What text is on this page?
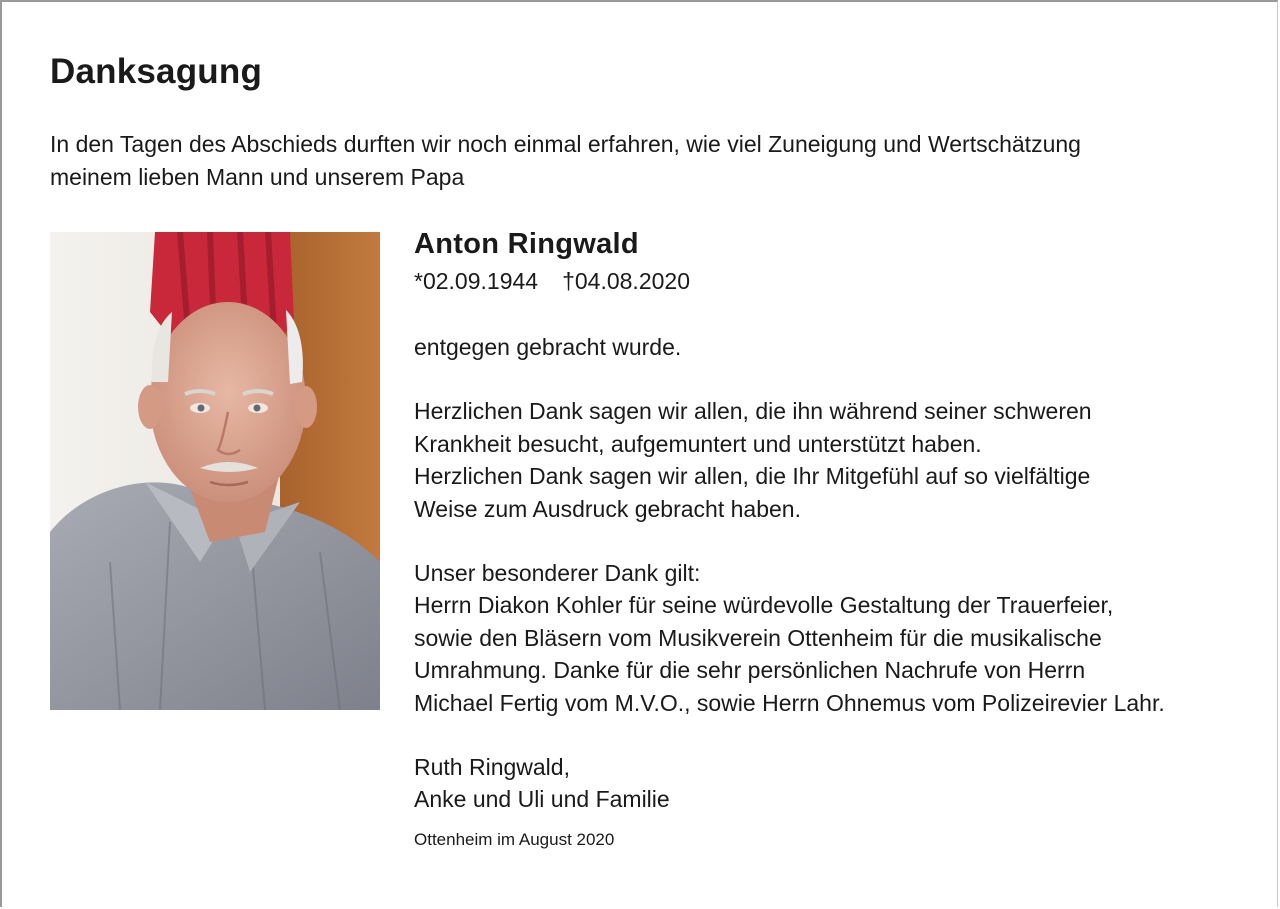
Danksagung
In den Tagen des Abschieds durften wir noch einmal erfahren, wie viel Zuneigung und Wertschätzung
meinem lieben Mann und unserem Papa
Anton Ringwald
*02.09.1944 †04.08.2020
entgegen gebracht wurde.
Herzlichen Dank sagen wir allen, die ihn während seiner schweren
Krankheit besucht, aufgemuntert und unterstützt haben.
Herzlichen Dank sagen wir allen, die Ihr Mitgefühl auf so vielfältige
Weise zum Ausdruck gebracht haben.
Unser besonderer Dank gilt:
Herrn Diakon Kohler für seine würdevolle Gestaltung der Trauerfeier,
sowie den Bläsern vom Musikverein Ottenheim für die musikalische
Umrahmung. Danke für die sehr persönlichen Nachrufe von Herrn
Michael Fertig vom M.V.O., sowie Herrn Ohnemus vom Polizeirevier Lahr.
Ruth Ringwald,
Anke und Uli und Familie
Ottenheim im August 2020
